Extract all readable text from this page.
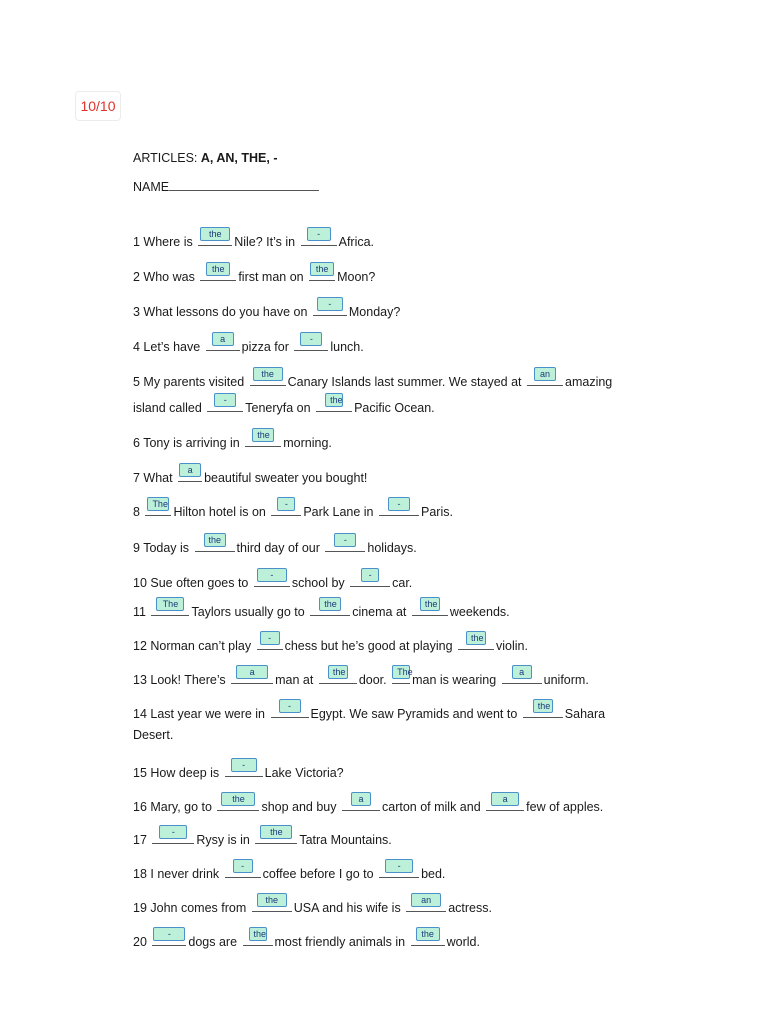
10/10
ARTICLES: A, AN, THE, -
NAME
1 Where is
the
Nile? It’s in
-
Africa.
2 Who was
the
first man on
the
Moon?
3 What lessons do you have on
-
Monday?
4 Let’s have
a
pizza for
-
lunch.
5 My parents visited
the
Canary Islands last summer. We stayed at
an
amazing
island called
-
Teneryfa on
the
Pacific Ocean.
6 Tony is arriving in
the
morning.
7 What
a
beautiful sweater you bought!
8
The
Hilton hotel is on
-
Park Lane in
-
Paris.
9 Today is
the
third day of our
-
holidays.
10 Sue often goes to
-
school by
-
car.
11
The
Taylors usually go to
the
cinema at
the
weekends.
12 Norman can’t play
-
chess but he’s good at playing
the
violin.
13 Look! There’s
a
man at
the
door.
The
man is wearing
a
uniform.
14 Last year we were in
-
Egypt. We saw Pyramids and went to
the
Sahara
Desert.
15 How deep is
-
Lake Victoria?
16 Mary, go to
the
shop and buy
a
carton of milk and
a
few of apples.
17
-
Rysy is in
the
Tatra Mountains.
18 I never drink
-
coffee before I go to
-
bed.
19 John comes from
the
USA and his wife is
an
actress.
20
-
dogs are
the
most friendly animals in
the
world.
